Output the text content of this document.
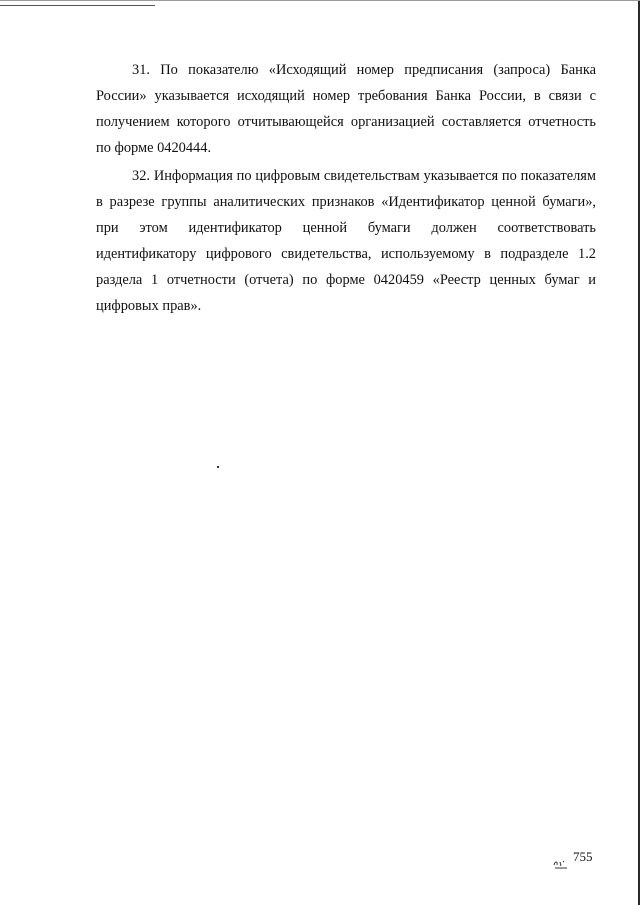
31. По показателю «Исходящий номер предписания (запроса) Банка России» указывается исходящий номер требования Банка России, в связи с получением которого отчитывающейся организацией составляется отчетность по форме 0420444.

32. Информация по цифровым свидетельствам указывается по показателям в разрезе группы аналитических признаков «Идентификатор ценной бумаги», при этом идентификатор ценной бумаги должен соответствовать идентификатору цифрового свидетельства, используемому в подразделе 1.2 раздела 1 отчетности (отчета) по форме 0420459 «Реестр ценных бумаг и цифровых прав».

755
